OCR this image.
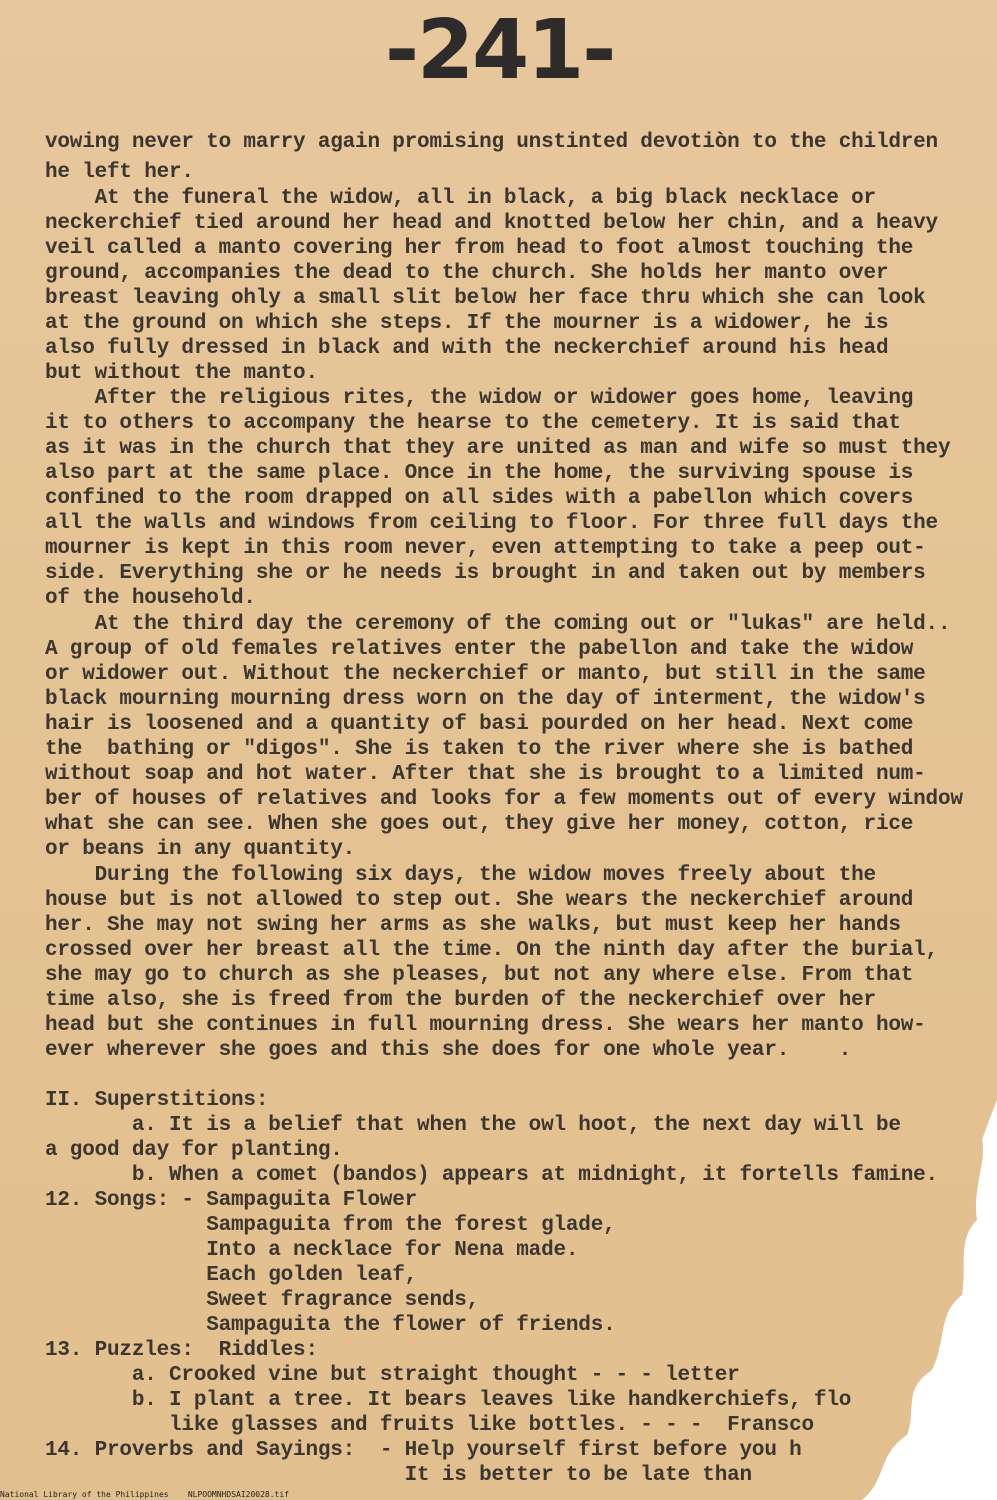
-241-
vowing never to marry again promising unstinted devotiòn to the children
he left her.
At the funeral the widow, all in black, a big black necklace or
neckerchief tied around her head and knotted below her chin, and a heavy
veil called a manto covering her from head to foot almost touching the
ground, accompanies the dead to the church. She holds her manto over
breast leaving ohly a small slit below her face thru which she can look
at the ground on which she steps. If the mourner is a widower, he is
also fully dressed in black and with the neckerchief around his head
but without the manto.
After the religious rites, the widow or widower goes home, leaving
it to others to accompany the hearse to the cemetery. It is said that
as it was in the church that they are united as man and wife so must they
also part at the same place. Once in the home, the surviving spouse is
confined to the room drapped on all sides with a pabellon which covers
all the walls and windows from ceiling to floor. For three full days the
mourner is kept in this room never, even attempting to take a peep out-
side. Everything she or he needs is brought in and taken out by members
of the household.
At the third day the ceremony of the coming out or "lukas" are held..
A group of old females relatives enter the pabellon and take the widow
or widower out. Without the neckerchief or manto, but still in the same
black mourning mourning dress worn on the day of interment, the widow's
hair is loosened and a quantity of basi pourded on her head. Next come
the  bathing or "digos". She is taken to the river where she is bathed
without soap and hot water. After that she is brought to a limited num-
ber of houses of relatives and looks for a few moments out of every window
what she can see. When she goes out, they give her money, cotton, rice
or beans in any quantity.
During the following six days, the widow moves freely about the
house but is not allowed to step out. She wears the neckerchief around
her. She may not swing her arms as she walks, but must keep her hands
crossed over her breast all the time. On the ninth day after the burial,
she may go to church as she pleases, but not any where else. From that
time also, she is freed from the burden of the neckerchief over her
head but she continues in full mourning dress. She wears her manto how-
ever wherever she goes and this she does for one whole year.    .
II. Superstitions:
a. It is a belief that when the owl hoot, the next day will be
a good day for planting.
b. When a comet (bandos) appears at midnight, it fortells famine.
12. Songs: - Sampaguita Flower
Sampaguita from the forest glade,
Into a necklace for Nena made.
Each golden leaf,
Sweet fragrance sends,
Sampaguita the flower of friends.
13. Puzzles:  Riddles:
a. Crooked vine but straight thought - - - letter
b. I plant a tree. It bears leaves like handkerchiefs, flo
like glasses and fruits like bottles. - - -  Fransco
14. Proverbs and Sayings:  - Help yourself first before you h
It is better to be late than
National Library of the Philippines    NLPOOMNHDSAI20028.tif
